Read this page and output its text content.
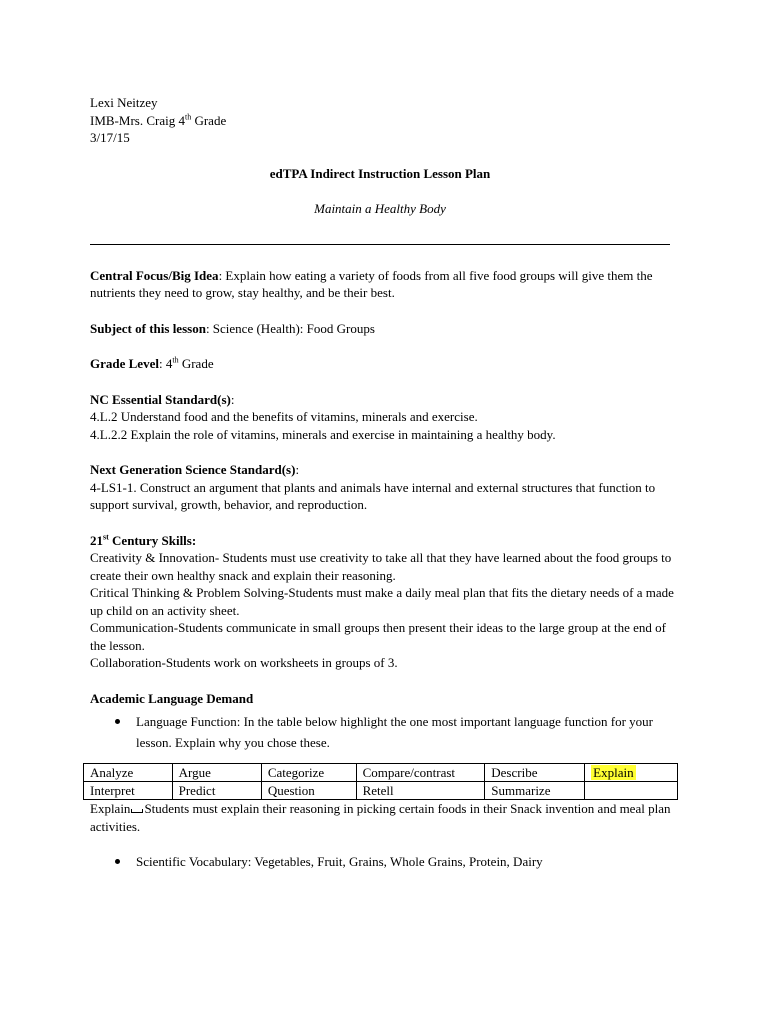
Lexi Neitzey

IMB-Mrs. Craig 4th Grade

3/17/15

edTPA Indirect Instruction Lesson Plan
Maintain a Healthy Body

Central Focus/Big Idea: Explain how eating a variety of foods from all five food groups will give them the nutrients they need to grow, stay healthy, and be their best.

Subject of this lesson: Science (Health): Food Groups

Grade Level: 4th Grade

NC Essential Standard(s):

4.L.2 Understand food and the benefits of vitamins, minerals and exercise.

4.L.2.2 Explain the role of vitamins, minerals and exercise in maintaining a healthy body.

Next Generation Science Standard(s):

4-LS1-1. Construct an argument that plants and animals have internal and external structures that function to support survival, growth, behavior, and reproduction.

21st Century Skills:

Creativity & Innovation- Students must use creativity to take all that they have learned about the food groups to create their own healthy snack and explain their reasoning.

Critical Thinking & Problem Solving-Students must make a daily meal plan that fits the dietary needs of a made up child on an activity sheet.

Communication-Students communicate in small groups then present their ideas to the large group at the end of the lesson.

Collaboration-Students work on worksheets in groups of 3.

Academic Language Demand

Language Function: In the table below highlight the one most important language function for your lesson. Explain why you chose these.
Analyze	Argue	Categorize	Compare/contrast	Describe	Explain
Interpret	Predict	Question	Retell	Summarize	

Explain Students must explain their reasoning in picking certain foods in their Snack invention and meal plan activities.

Scientific Vocabulary: Vegetables, Fruit, Grains, Whole Grains, Protein, Dairy
